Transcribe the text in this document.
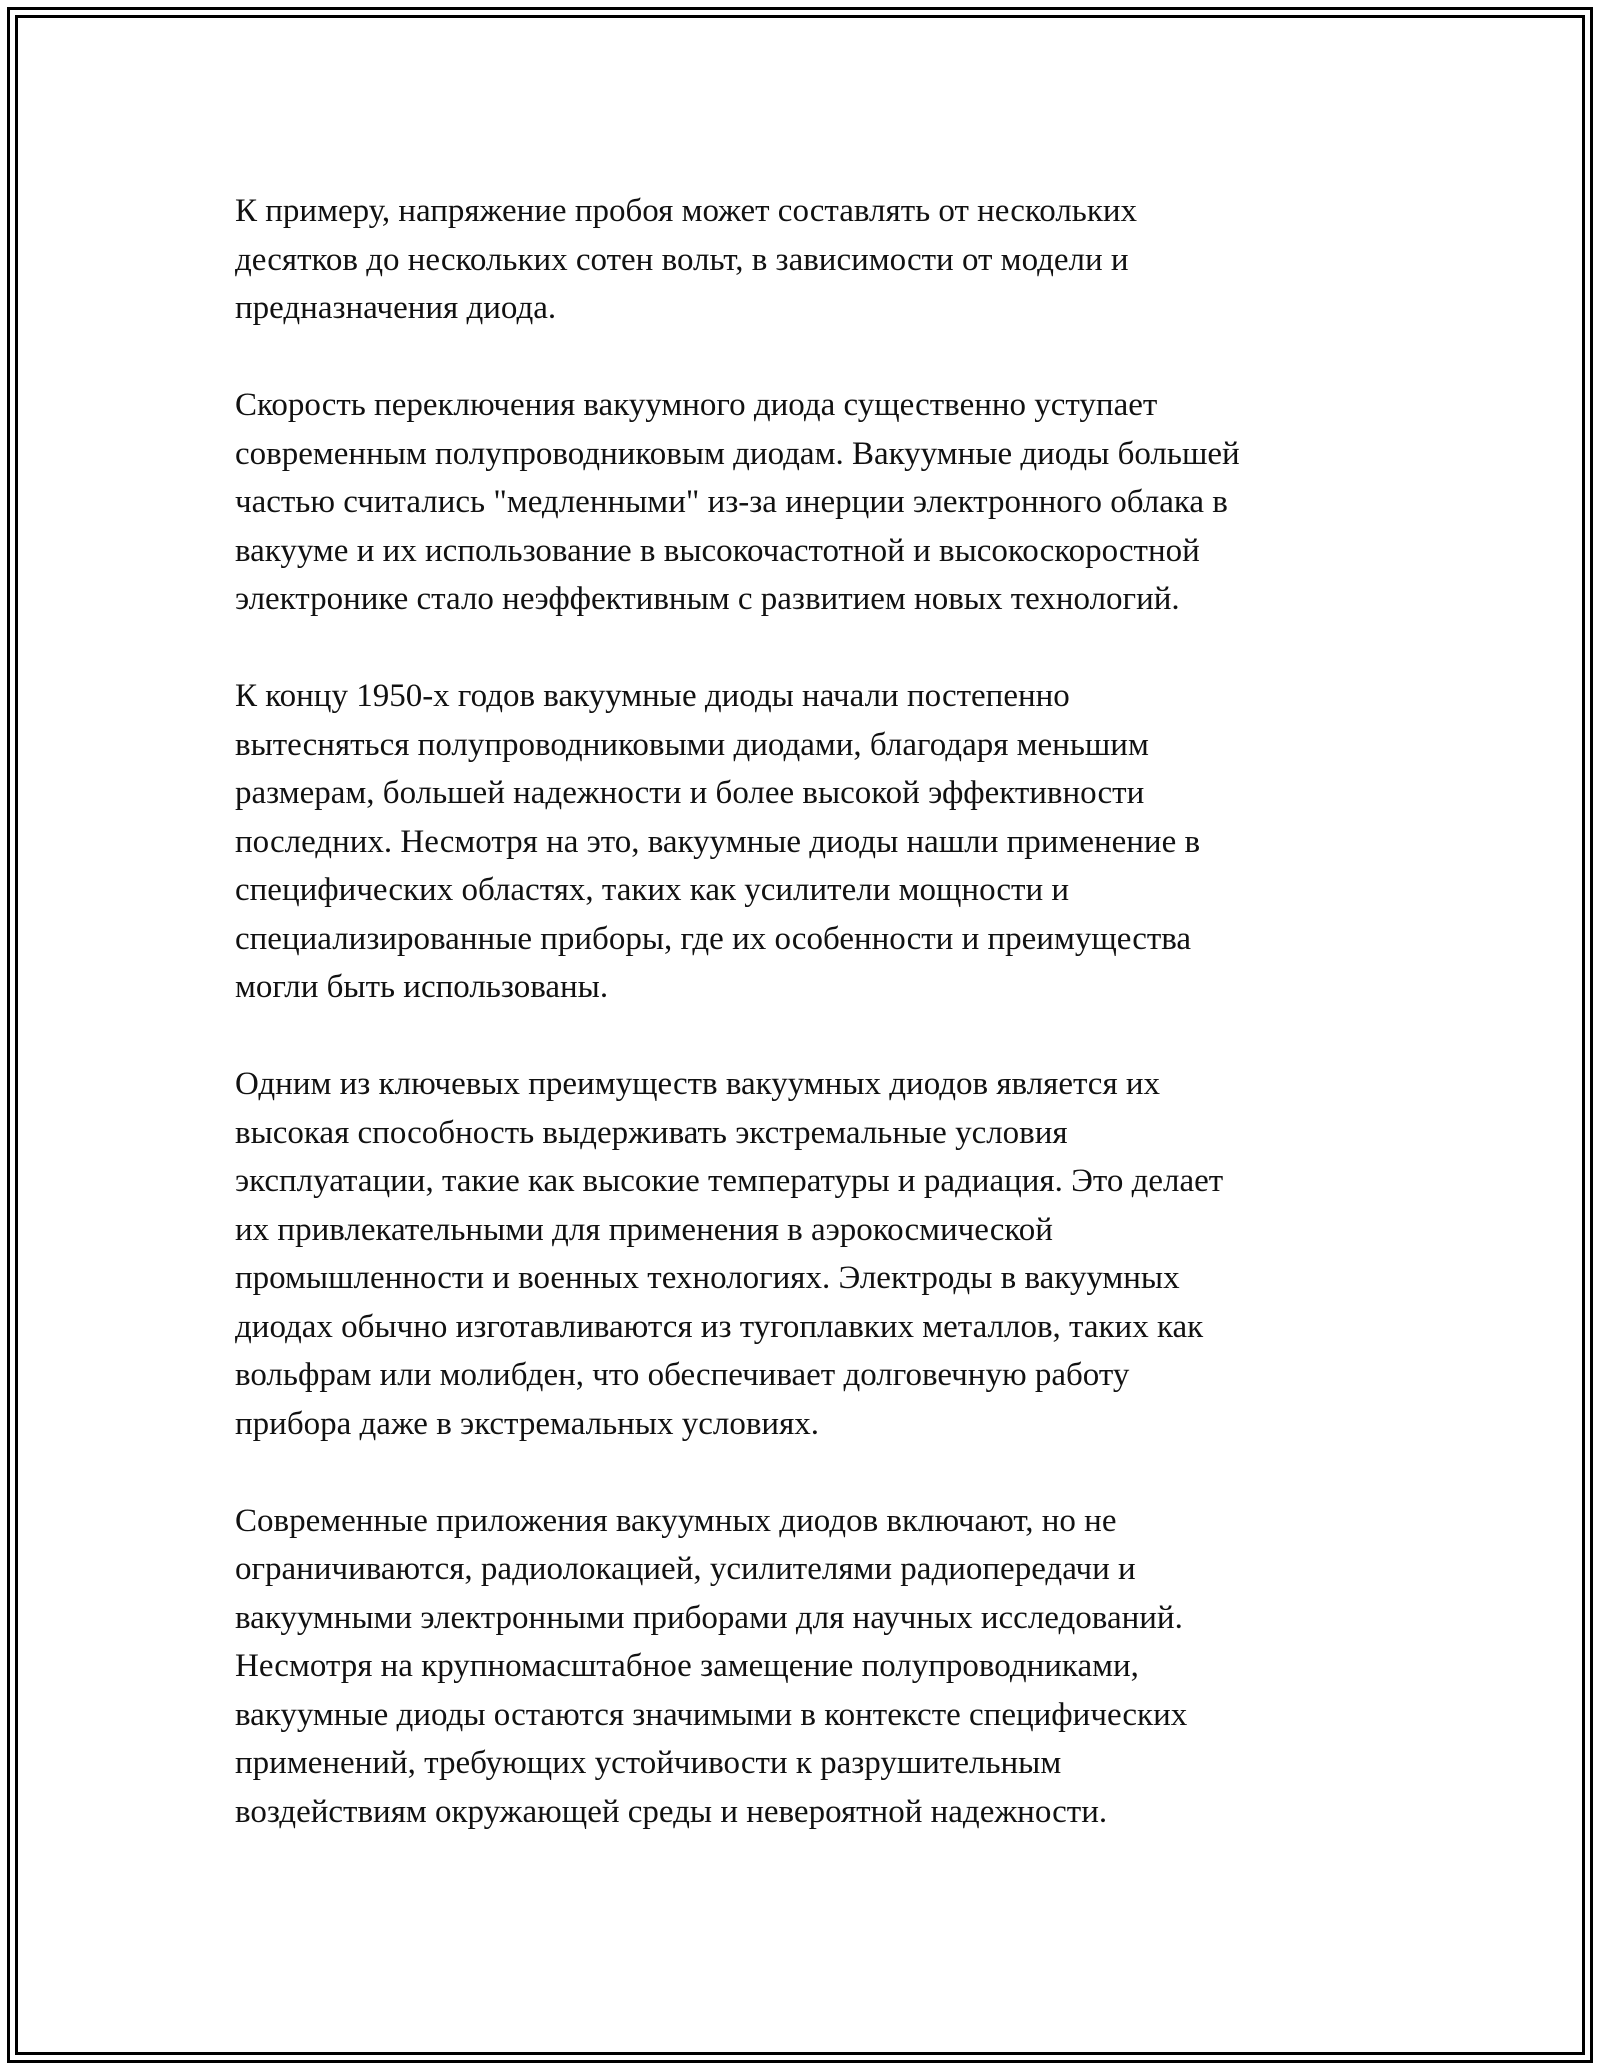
К примеру, напряжение пробоя может составлять от нескольких
десятков до нескольких сотен вольт, в зависимости от модели и
предназначения диода.

Скорость переключения вакуумного диода существенно уступает
современным полупроводниковым диодам. Вакуумные диоды большей
частью считались "медленными" из-за инерции электронного облака в
вакууме и их использование в высокочастотной и высокоскоростной
электронике стало неэффективным с развитием новых технологий.

К концу 1950-х годов вакуумные диоды начали постепенно
вытесняться полупроводниковыми диодами, благодаря меньшим
размерам, большей надежности и более высокой эффективности
последних. Несмотря на это, вакуумные диоды нашли применение в
специфических областях, таких как усилители мощности и
специализированные приборы, где их особенности и преимущества
могли быть использованы.

Одним из ключевых преимуществ вакуумных диодов является их
высокая способность выдерживать экстремальные условия
эксплуатации, такие как высокие температуры и радиация. Это делает
их привлекательными для применения в аэрокосмической
промышленности и военных технологиях. Электроды в вакуумных
диодах обычно изготавливаются из тугоплавких металлов, таких как
вольфрам или молибден, что обеспечивает долговечную работу
прибора даже в экстремальных условиях.

Современные приложения вакуумных диодов включают, но не
ограничиваются, радиолокацией, усилителями радиопередачи и
вакуумными электронными приборами для научных исследований.
Несмотря на крупномасштабное замещение полупроводниками,
вакуумные диоды остаются значимыми в контексте специфических
применений, требующих устойчивости к разрушительным
воздействиям окружающей среды и невероятной надежности.
